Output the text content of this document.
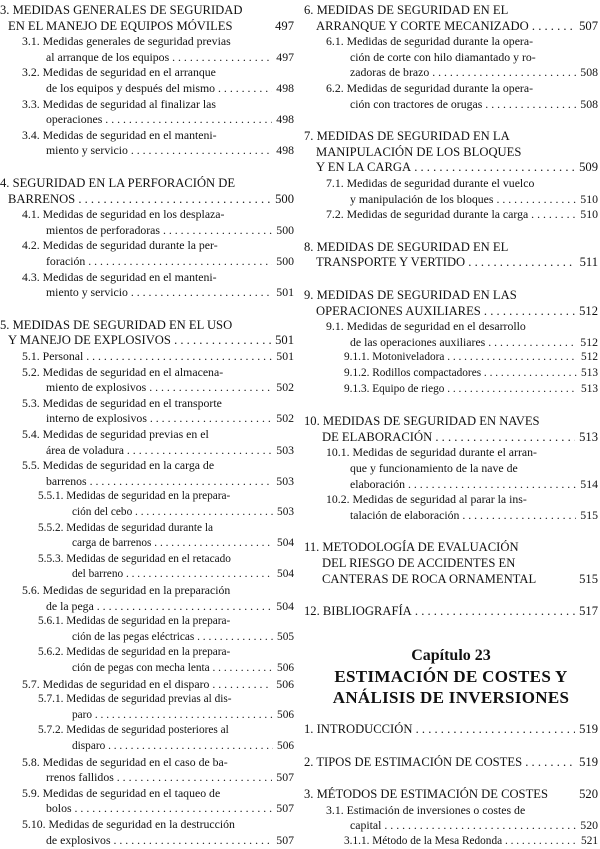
3. MEDIDAS GENERALES DE SEGURIDAD
EN EL MANEJO DE EQUIPOS MÓVILES	497
3.1. Medidas generales de seguridad previas
al arranque de los equipos	497
. . .
3.2. Medidas de seguridad en el arranque
de los equipos y después del mismo	498
. . .
3.3. Medidas de seguridad al finalizar las
operaciones	498
. . .
3.4. Medidas de seguridad en el manteni-
miento y servicio	498
. . .
4. SEGURIDAD EN LA PERFORACIÓN DE
BARRENOS	500
. . .
4.1. Medidas de seguridad en los desplaza-
mientos de perforadoras	500
. . .
4.2. Medidas de seguridad durante la per-
foración	500
. . .
4.3. Medidas de seguridad en el manteni-
miento y servicio	501
. . .
5. MEDIDAS DE SEGURIDAD EN EL USO
Y MANEJO DE EXPLOSIVOS	501
. . .
5.1. Personal	501
. . .
5.2. Medidas de seguridad en el almacena-
miento de explosivos	502
. . .
5.3. Medidas de seguridad en el transporte
interno de explosivos	502
. . .
5.4. Medidas de seguridad previas en el
área de voladura	503
. . .
5.5. Medidas de seguridad en la carga de
barrenos	503
. . .
5.5.1. Medidas de seguridad en la prepara-
ción del cebo	503
. . .
5.5.2. Medidas de seguridad durante la
carga de barrenos	504
. . .
5.5.3. Medidas de seguridad en el retacado
del barreno	504
. . .
5.6. Medidas de seguridad en la preparación
de la pega	504
. . .
5.6.1. Medidas de seguridad en la prepara-
ción de las pegas eléctricas	505
. . .
5.6.2. Medidas de seguridad en la prepara-
ción de pegas con mecha lenta	506
. . .
5.7. Medidas de seguridad en el disparo	506
. . .
5.7.1. Medidas de seguridad previas al dis-
paro	506
. . .
5.7.2. Medidas de seguridad posteriores al
disparo	506
. . .
5.8. Medidas de seguridad en el caso de ba-
rrenos fallidos	507
. . .
5.9. Medidas de seguridad en el taqueo de
bolos	507
. . .
5.10. Medidas de seguridad en la destrucción
de explosivos	507
. . .
Capítulo 23
ESTIMACIÓN DE COSTES Y
ANÁLISIS DE INVERSIONES
6. MEDIDAS DE SEGURIDAD EN EL
ARRANQUE Y CORTE MECANIZADO	507
. . .
6.1. Medidas de seguridad durante la opera-
ción de corte con hilo diamantado y ro-
zadoras de brazo	508
. . .
6.2. Medidas de seguridad durante la opera-
ción con tractores de orugas	508
. . .
7. MEDIDAS DE SEGURIDAD EN LA
MANIPULACIÓN DE LOS BLOQUES
Y EN LA CARGA	509
. . .
7.1. Medidas de seguridad durante el vuelco
y manipulación de los bloques	510
. . .
7.2. Medidas de seguridad durante la carga	510
. . .
8. MEDIDAS DE SEGURIDAD EN EL
TRANSPORTE Y VERTIDO	511
. . .
9. MEDIDAS DE SEGURIDAD EN LAS
OPERACIONES AUXILIARES	512
. . .
9.1. Medidas de seguridad en el desarrollo
de las operaciones auxiliares	512
. . .
9.1.1. Motoniveladora	512
. . .
9.1.2. Rodillos compactadores	513
. . .
9.1.3. Equipo de riego	513
. . .
10. MEDIDAS DE SEGURIDAD EN NAVES
DE ELABORACIÓN	513
. . .
10.1. Medidas de seguridad durante el arran-
que y funcionamiento de la nave de
elaboración	514
. . .
10.2. Medidas de seguridad al parar la ins-
talación de elaboración	515
. . .
11. METODOLOGÍA DE EVALUACIÓN
DEL RIESGO DE ACCIDENTES EN
CANTERAS DE ROCA ORNAMENTAL	515
12. BIBLIOGRAFÍA	517
. . .
1. INTRODUCCIÓN	519
. . .
2. TIPOS DE ESTIMACIÓN DE COSTES	519
. . .
3. MÉTODOS DE ESTIMACIÓN DE COSTES	520
3.1. Estimación de inversiones o costes de
capital	520
. . .
3.1.1. Método de la Mesa Redonda	521
. . .
